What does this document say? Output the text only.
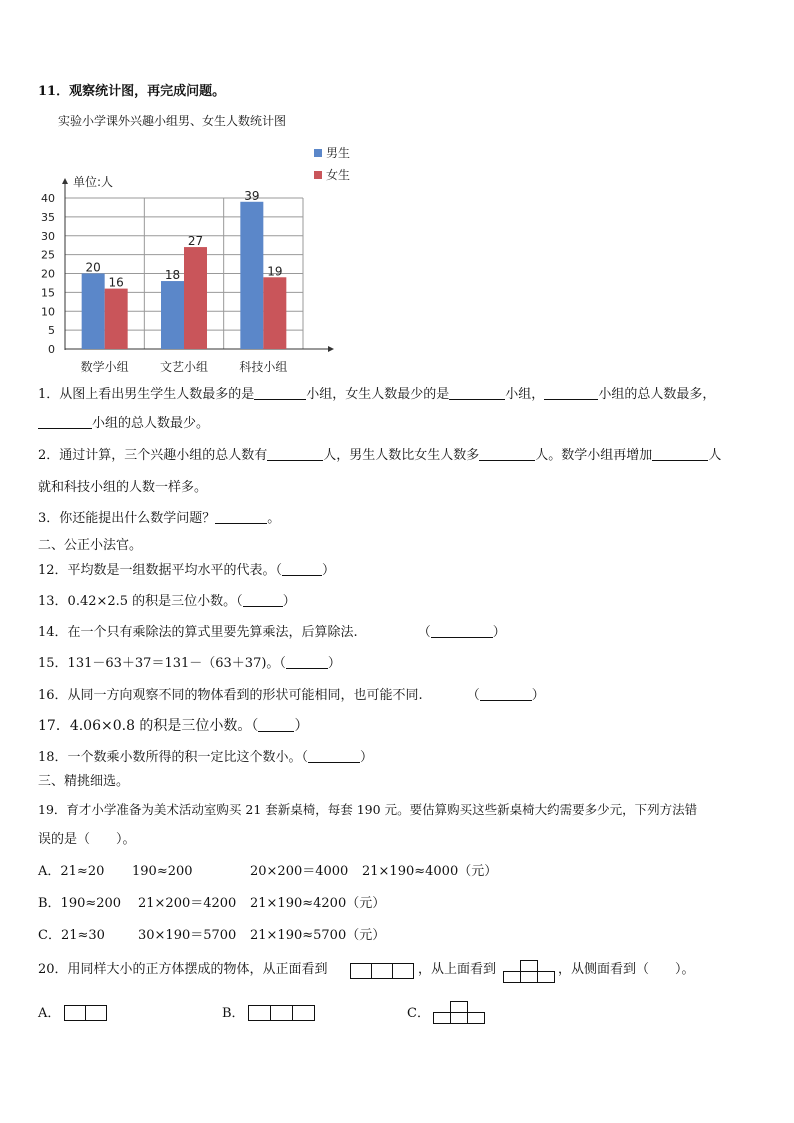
11．观察统计图，再完成问题。
实验小学课外兴趣小组男、女生人数统计图
0
5
10
15
20
25
30
35
40
单位:人
20
16
数学小组
18
27
文艺小组
39
19
科技小组
男生
女生
1．从图上看出男生学生人数最多的是	小组，女生人数最少的是	小组，	小组的总人数最多，
小组的总人数最少。
2．通过计算，三个兴趣小组的总人数有	人，男生人数比女生人数多	人。数学小组再增加	人
就和科技小组的人数一样多。
3．你还能提出什么数学问题？	。
二、公正小法官。
12．平均数是一组数据平均水平的代表。（	）
13．0.42×2.5 的积是三位小数。（	）
14．在一个只有乘除法的算式里要先算乘法，后算除法.	（	）
15．131－63＋37＝131－（63＋37)。（	）
16．从同一方向观察不同的物体看到的形状可能相同，也可能不同.	（	）
17．4.06×0.8 的积是三位小数。（	）
18．一个数乘小数所得的积一定比这个数小。（	）
三、精挑细选。
19．育才小学准备为美术活动室购买 21 套新桌椅，每套 190 元。要估算购买这些新桌椅大约需要多少元，下列方法错
误的是（　　）。
A．21≈20 190≈200	20×200＝4000 21×190≈4000（元）
B．190≈200 21×200＝4200 21×190≈4200（元）
C．21≈30	30×190＝5700 21×190≈5700（元）
20．用同样大小的正方体摆成的物体，从正面看到	，从上面看到	，从侧面看到（　　）。
A．	B．	C．
